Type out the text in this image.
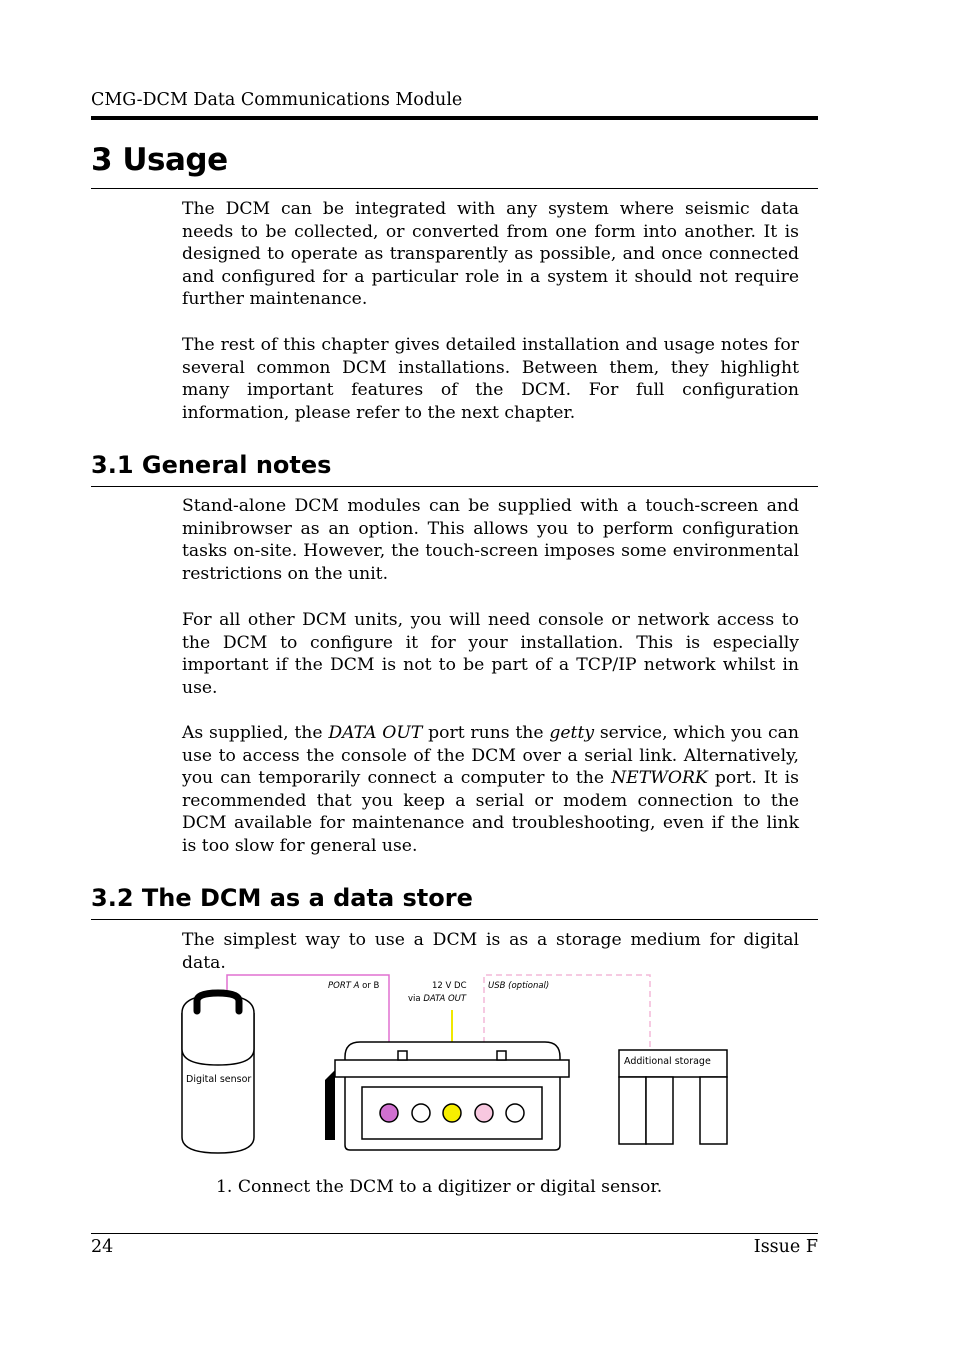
CMG-DCM Data Communications Module
3 Usage

The DCM can be integrated with any system where seismic data needs to be collected, or converted from one form into another. It is designed to operate as transparently as possible, and once connected and configured for a particular role in a system it should not require further maintenance.

The rest of this chapter gives detailed installation and usage notes for several common DCM installations. Between them, they highlight many important features of the DCM. For full configuration information, please refer to the next chapter.

3.1 General notes

Stand-alone DCM modules can be supplied with a touch-screen and minibrowser as an option. This allows you to perform configuration tasks on-site. However, the touch-screen imposes some environmental restrictions on the unit.

For all other DCM units, you will need console or network access to the DCM to configure it for your installation. This is especially important if the DCM is not to be part of a TCP/IP network whilst in use.

As supplied, the DATA OUT port runs the getty service, which you can use to access the console of the DCM over a serial link. Alternatively, you can temporarily connect a computer to the NETWORK port. It is recommended that you keep a serial or modem connection to the DCM available for maintenance and troubleshooting, even if the link is too slow for general use.

3.2 The DCM as a data store

The simplest way to use a DCM is as a storage medium for digital data.

Digital sensor
PORT A or B	12 V DC
via DATA OUT
USB (optional)
Additional storage
1. Connect the DCM to a digitizer or digital sensor.
24	Issue F
